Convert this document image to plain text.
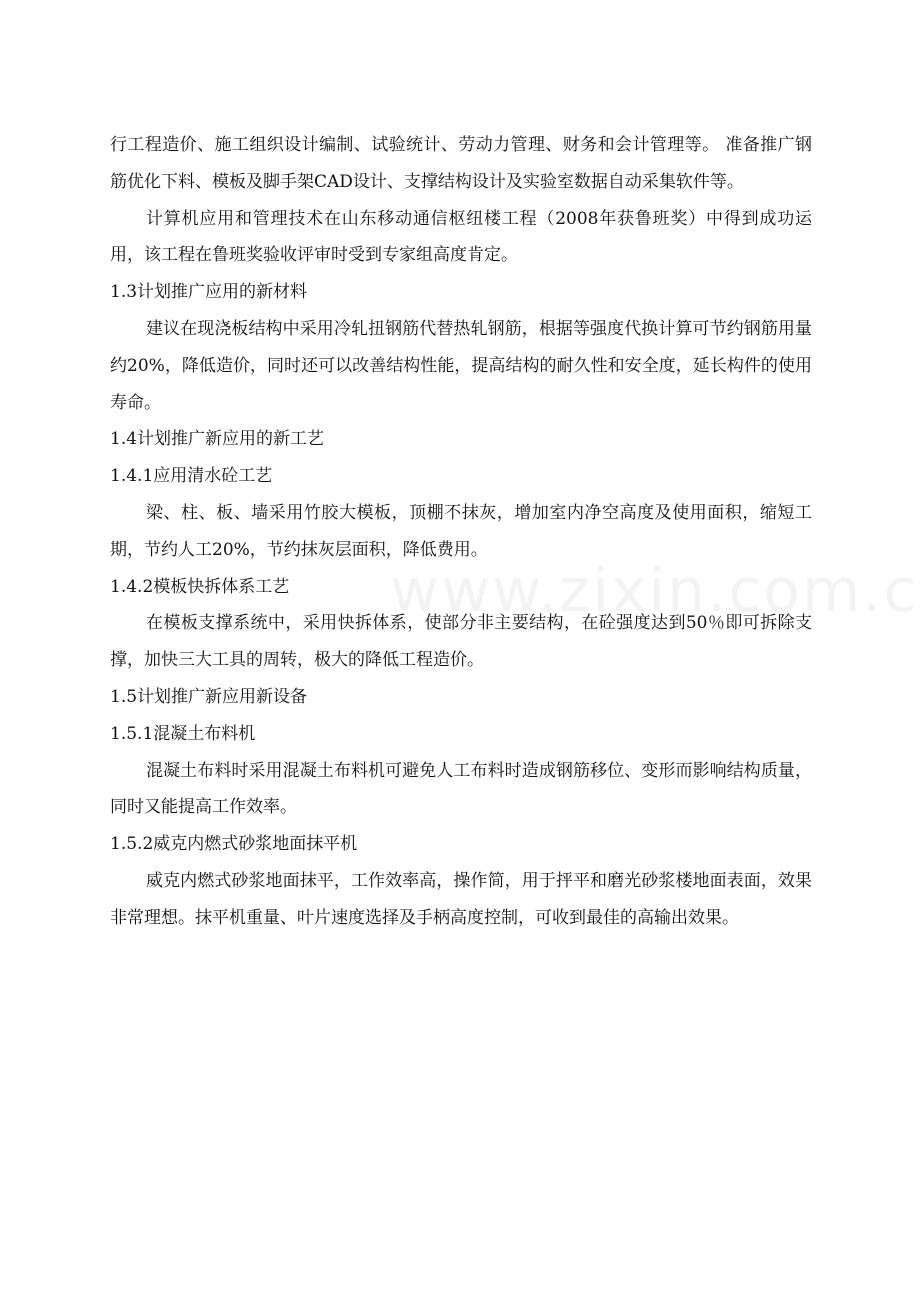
行工程造价、施工组织设计编制、试验统计、劳动力管理、财务和会计管理等。 准备推广钢筋优化下料、模板及脚手架CAD设计、支撑结构设计及实验室数据自动采集软件等。

计算机应用和管理技术在山东移动通信枢纽楼工程（2008年获鲁班奖）中得到成功运用，该工程在鲁班奖验收评审时受到专家组高度肯定。

1.3计划推广应用的新材料

建议在现浇板结构中采用冷轧扭钢筋代替热轧钢筋，根据等强度代换计算可节约钢筋用量约20%，降低造价，同时还可以改善结构性能，提高结构的耐久性和安全度，延长构件的使用寿命。

1.4计划推广新应用的新工艺

1.4.1应用清水砼工艺

梁、柱、板、墙采用竹胶大模板，顶棚不抹灰，增加室内净空高度及使用面积，缩短工期，节约人工20%，节约抹灰层面积，降低费用。

1.4.2模板快拆体系工艺

在模板支撑系统中，采用快拆体系，使部分非主要结构，在砼强度达到50％即可拆除支撑，加快三大工具的周转，极大的降低工程造价。

1.5计划推广新应用新设备

1.5.1混凝土布料机

混凝土布料时采用混凝土布料机可避免人工布料时造成钢筋移位、变形而影响结构质量，同时又能提高工作效率。

1.5.2威克内燃式砂浆地面抹平机

威克内燃式砂浆地面抹平，工作效率高，操作简，用于抨平和磨光砂浆楼地面表面，效果非常理想。抹平机重量、叶片速度选择及手柄高度控制，可收到最佳的高输出效果。
